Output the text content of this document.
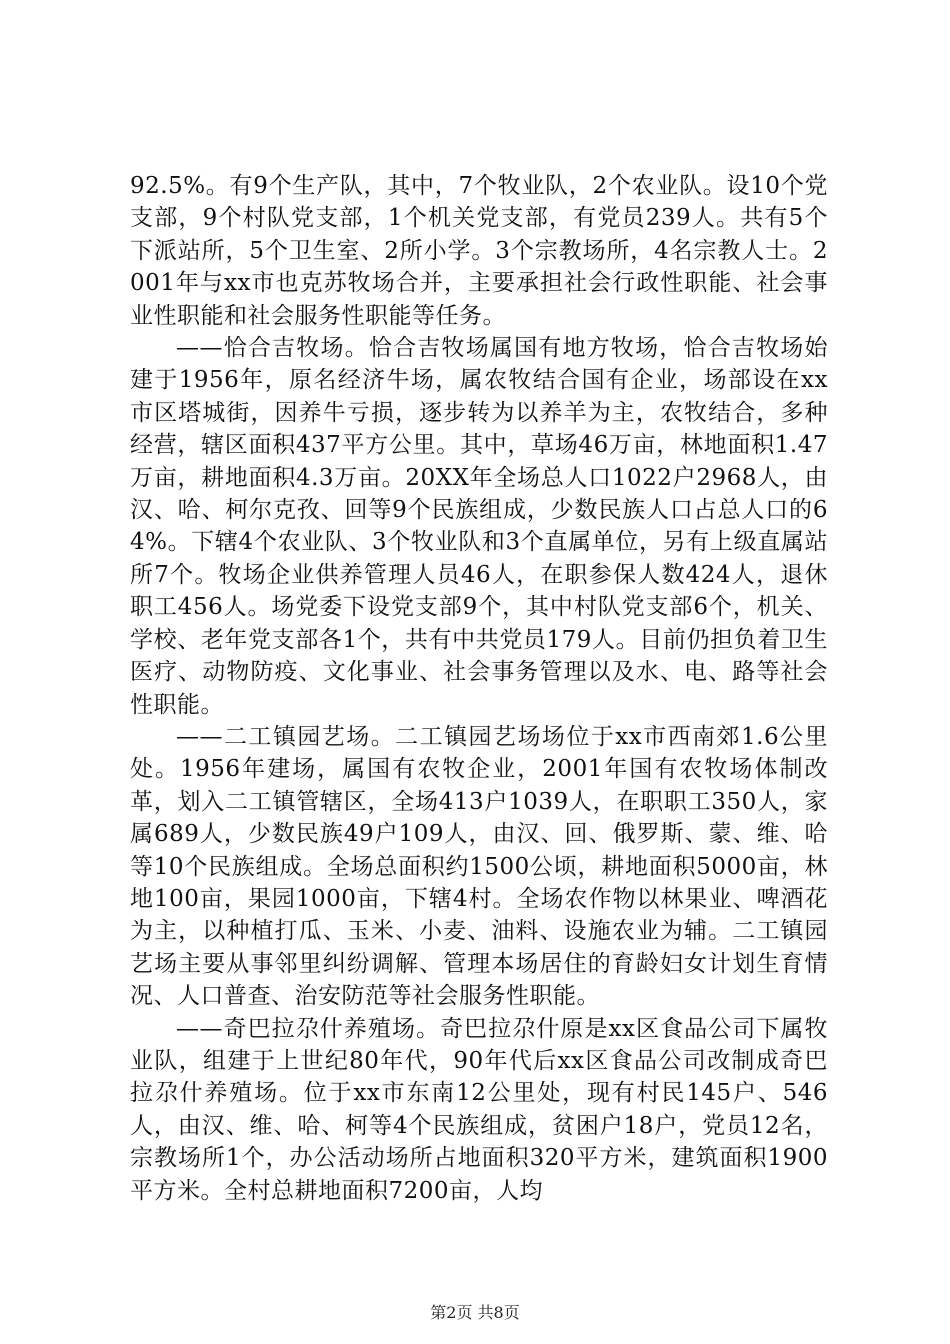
92.5%。有9个生产队，其中，7个牧业队，2个农业队。设10个党支部，9个村队党支部，1个机关党支部，有党员239人。共有5个下派站所，5个卫生室、2所小学。3个宗教场所，4名宗教人士。2001年与xx市也克苏牧场合并，主要承担社会行政性职能、社会事业性职能和社会服务性职能等任务。

——恰合吉牧场。恰合吉牧场属国有地方牧场，恰合吉牧场始建于1956年，原名经济牛场，属农牧结合国有企业，场部设在xx市区塔城街，因养牛亏损，逐步转为以养羊为主，农牧结合，多种经营，辖区面积437平方公里。其中，草场46万亩，林地面积1.47万亩，耕地面积4.3万亩。20XX年全场总人口1022户2968人，由汉、哈、柯尔克孜、回等9个民族组成，少数民族人口占总人口的64%。下辖4个农业队、3个牧业队和3个直属单位，另有上级直属站所7个。牧场企业供养管理人员46人，在职参保人数424人，退休职工456人。场党委下设党支部9个，其中村队党支部6个，机关、学校、老年党支部各1个，共有中共党员179人。目前仍担负着卫生医疗、动物防疫、文化事业、社会事务管理以及水、电、路等社会性职能。

——二工镇园艺场。二工镇园艺场场位于xx市西南郊1.6公里处。1956年建场，属国有农牧企业，2001年国有农牧场体制改革，划入二工镇管辖区，全场413户1039人，在职职工350人，家属689人，少数民族49户109人，由汉、回、俄罗斯、蒙、维、哈等10个民族组成。全场总面积约1500公顷，耕地面积5000亩，林地100亩，果园1000亩，下辖4村。全场农作物以林果业、啤酒花为主，以种植打瓜、玉米、小麦、油料、设施农业为辅。二工镇园艺场主要从事邻里纠纷调解、管理本场居住的育龄妇女计划生育情况、人口普查、治安防范等社会服务性职能。

——奇巴拉尕什养殖场。奇巴拉尕什原是xx区食品公司下属牧业队，组建于上世纪80年代，90年代后xx区食品公司改制成奇巴拉尕什养殖场。位于xx市东南12公里处，现有村民145户、546人，由汉、维、哈、柯等4个民族组成，贫困户18户，党员12名，宗教场所1个，办公活动场所占地面积320平方米，建筑面积1900平方米。全村总耕地面积7200亩，人均

第2页 共8页
